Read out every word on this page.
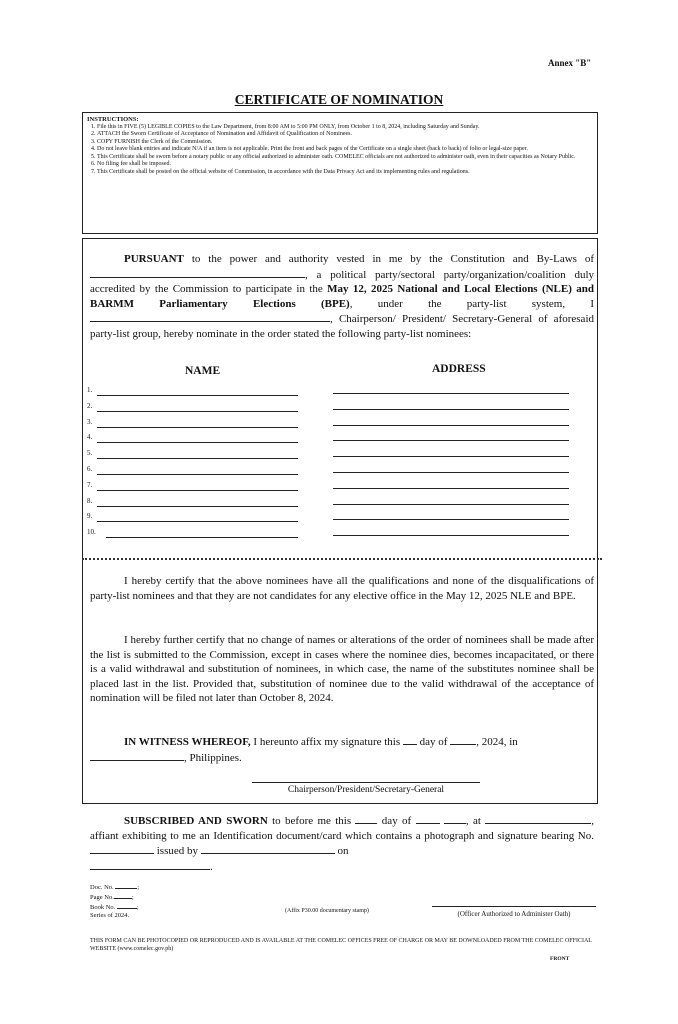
Annex "B"
CERTIFICATE OF NOMINATION
INSTRUCTIONS:
1. File this in FIVE (5) LEGIBLE COPIES to the Law Department, from 8:00 AM to 5:00 PM ONLY, from October 1 to 8, 2024, including Saturday and Sunday.
2. ATTACH the Sworn Certificate of Acceptance of Nomination and Affidavit of Qualification of Nominees.
3. COPY FURNISH the Clerk of the Commission.
4. Do not leave blank entries and indicate N/A if an item is not applicable. Print the front and back pages of the Certificate on a single sheet (back to back) of folio or legal-size paper.
5. This Certificate shall be sworn before a notary public or any official authorized to administer oath. COMELEC officials are not authorized to administer oath, even in their capacities as Notary Public.
6. No filing fee shall be imposed.
7. This Certificate shall be posted on the official website of Commission, in accordance with the Data Privacy Act and its implementing rules and regulations.
PURSUANT to the power and authority vested in me by the Constitution and By-Laws of , a political party/sectoral party/organization/coalition duly accredited by the Commission to participate in the May 12, 2025 National and Local Elections (NLE) and BARMM Parliamentary Elections (BPE), under the party-list system, I , Chairperson/ President/ Secretary-General of aforesaid party-list group, hereby nominate in the order stated the following party-list nominees:
NAME	ADDRESS
1.
2.
3.
4.
5.
6.
7.
8.
9.
10.
I hereby certify that the above nominees have all the qualifications and none of the disqualifications of party-list nominees and that they are not candidates for any elective office in the May 12, 2025 NLE and BPE.
I hereby further certify that no change of names or alterations of the order of nominees shall be made after the list is submitted to the Commission, except in cases where the nominee dies, becomes incapacitated, or there is a valid withdrawal and substitution of nominees, in which case, the name of the substitutes nominee shall be placed last in the list. Provided that, substitution of nominee due to the valid withdrawal of the acceptance of nomination will be filed not later than October 8, 2024.
IN WITNESS WHEREOF, I hereunto affix my signature this  day of , 2024, in
, Philippines.
Chairperson/President/Secretary-General
SUBSCRIBED AND SWORN to before me this  day of	, at	, affiant exhibiting to me an Identification document/card which contains a photograph and signature bearing No.  issued by	on
.
Doc. No.	;
Page No.	;
Book No.	;
Series of 2024.
(Affix P30.00 documentary stamp)	(Officer Authorized to Administer Oath)
THIS FORM CAN BE PHOTOCOPIED OR REPRODUCED AND IS AVAILABLE AT THE COMELEC OFFICES FREE OF CHARGE OR MAY BE DOWNLOADED FROM THE COMELEC OFFICIAL WEBSITE (www.comelec.gov.ph)
FRONT
